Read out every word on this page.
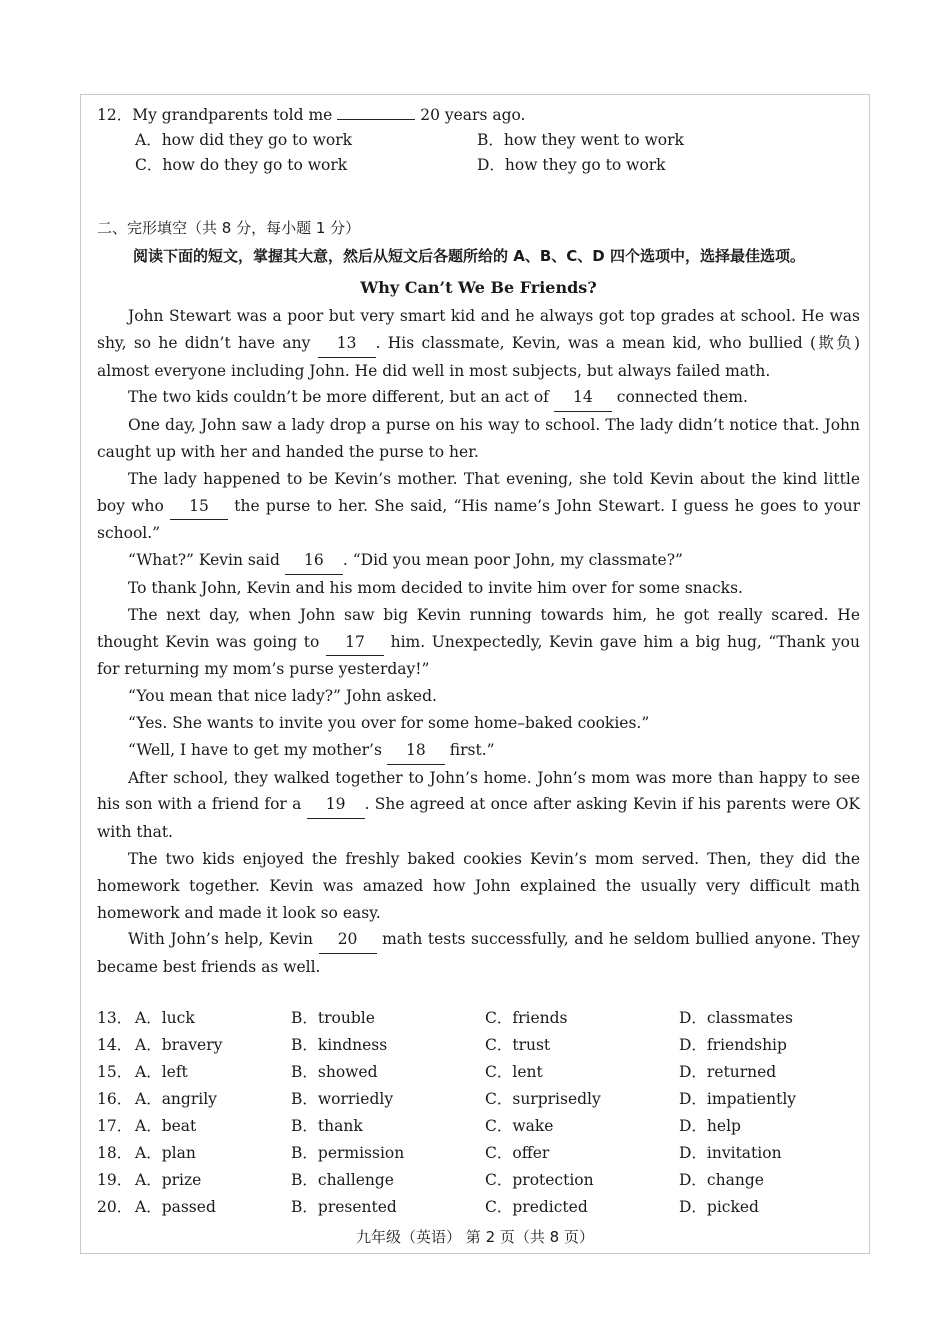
12．My grandparents told me	20 years ago.
A．how did they go to work	B．how they went to work
C．how do they go to work	D．how they go to work
二、完形填空（共 8 分，每小题 1 分）
阅读下面的短文，掌握其大意，然后从短文后各题所给的 A、B、C、D 四个选项中，选择最佳选项。
Why Can’t We Be Friends?

John Stewart was a poor but very smart kid and he always got top grades at school. He was shy, so he didn’t have any 13 . His classmate, Kevin, was a mean kid, who bullied (欺负) almost everyone including John. He did well in most subjects, but always failed math.

The two kids couldn’t be more different, but an act of 14 connected them.

One day, John saw a lady drop a purse on his way to school. The lady didn’t notice that. John caught up with her and handed the purse to her.

The lady happened to be Kevin’s mother. That evening, she told Kevin about the kind little boy who 15 the purse to her. She said, “His name’s John Stewart. I guess he goes to your school.”

“What?” Kevin said 16 . “Did you mean poor John, my classmate?”

To thank John, Kevin and his mom decided to invite him over for some snacks.

The next day, when John saw big Kevin running towards him, he got really scared. He thought Kevin was going to 17 him. Unexpectedly, Kevin gave him a big hug, “Thank you for returning my mom’s purse yesterday!”

“You mean that nice lady?” John asked.

“Yes. She wants to invite you over for some home–baked cookies.”

“Well, I have to get my mother’s 18 first.”

After school, they walked together to John’s home. John’s mom was more than happy to see his son with a friend for a 19 . She agreed at once after asking Kevin if his parents were OK with that.

The two kids enjoyed the freshly baked cookies Kevin’s mom served. Then, they did the homework together. Kevin was amazed how John explained the usually very difficult math homework and made it look so easy.

With John’s help, Kevin 20 math tests successfully, and he seldom bullied anyone. They became best friends as well.

13． A．luck	B．trouble	C．friends	D．classmates
14． A．bravery	B．kindness	C．trust	D．friendship
15． A．left	B．showed	C．lent	D．returned
16． A．angrily	B．worriedly	C．surprisedly	D．impatiently
17． A．beat	B．thank	C．wake	D．help
18． A．plan	B．permission	C．offer	D．invitation
19． A．prize	B．challenge	C．protection	D．change
20． A．passed	B．presented	C．predicted	D．picked
九年级（英语） 第 2 页（共 8 页）
